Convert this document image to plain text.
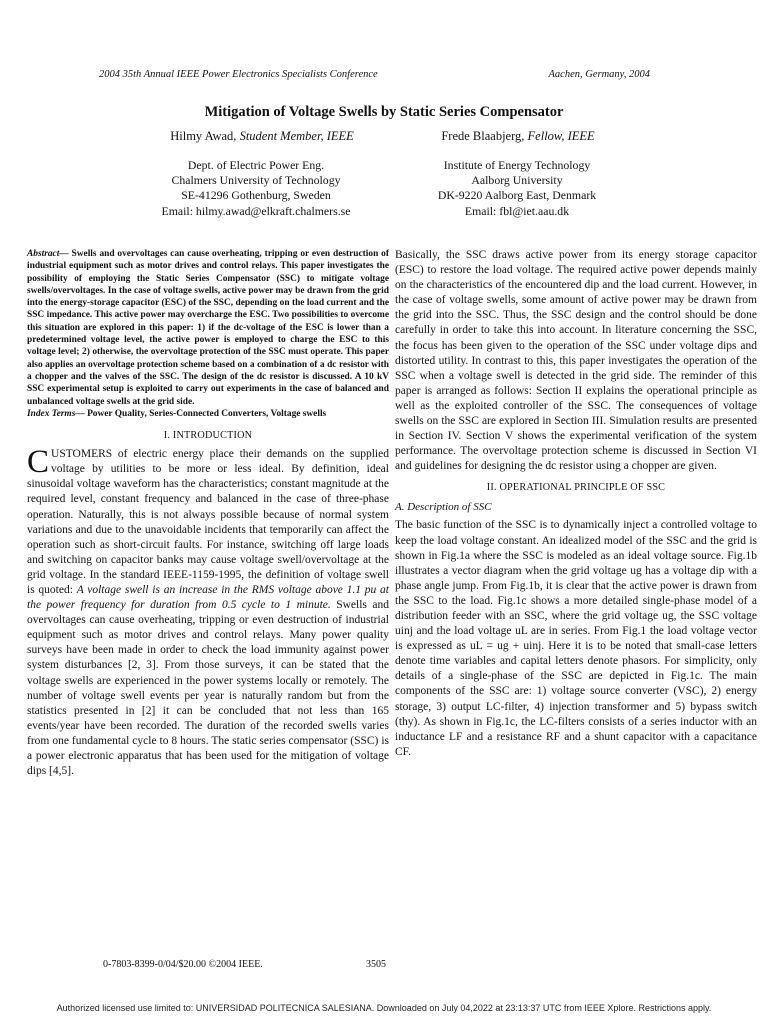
2004 35th Annual IEEE Power Electronics Specialists Conference	Aachen, Germany, 2004
Mitigation of Voltage Swells by Static Series Compensator
Hilmy Awad, Student Member, IEEE	Frede Blaabjerg, Fellow, IEEE
Dept. of Electric Power Eng.
Chalmers University of Technology
SE-41296 Gothenburg, Sweden
Email: hilmy.awad@elkraft.chalmers.se
Institute of Energy Technology
Aalborg University
DK-9220 Aalborg East, Denmark
Email: fbl@iet.aau.dk

Abstract— Swells and overvoltages can cause overheating, tripping or even destruction of industrial equipment such as motor drives and control relays. This paper investigates the possibility of employing the Static Series Compensator (SSC) to mitigate voltage swells/overvoltages. In the case of voltage swells, active power may be drawn from the grid into the energy-storage capacitor (ESC) of the SSC, depending on the load current and the SSC impedance. This active power may overcharge the ESC. Two possibilities to overcome this situation are explored in this paper: 1) if the dc-voltage of the ESC is lower than a predetermined voltage level, the active power is employed to charge the ESC to this voltage level; 2) otherwise, the overvoltage protection of the SSC must operate. This paper also applies an overvoltage protection scheme based on a combination of a dc resistor with a chopper and the valves of the SSC. The design of the dc resistor is discussed. A 10 kV SSC experimental setup is exploited to carry out experiments in the case of balanced and unbalanced voltage swells at the grid side.

Index Terms— Power Quality, Series-Connected Converters, Voltage swells

I. INTRODUCTION

CUSTOMERS of electric energy place their demands on the supplied voltage by utilities to be more or less ideal. By definition, ideal sinusoidal voltage waveform has the characteristics; constant magnitude at the required level, constant frequency and balanced in the case of three-phase operation. Naturally, this is not always possible because of normal system variations and due to the unavoidable incidents that temporarily can affect the operation such as short-circuit faults. For instance, switching off large loads and switching on capacitor banks may cause voltage swell/overvoltage at the grid voltage. In the standard IEEE-1159-1995, the definition of voltage swell is quoted: A voltage swell is an increase in the RMS voltage above 1.1 pu at the power frequency for duration from 0.5 cycle to 1 minute. Swells and overvoltages can cause overheating, tripping or even destruction of industrial equipment such as motor drives and control relays. Many power quality surveys have been made in order to check the load immunity against power system disturbances [2, 3]. From those surveys, it can be stated that the voltage swells are experienced in the power systems locally or remotely. The number of voltage swell events per year is naturally random but from the statistics presented in [2] it can be concluded that not less than 165 events/year have been recorded. The duration of the recorded swells varies from one fundamental cycle to 8 hours. The static series compensator (SSC) is a power electronic apparatus that has been used for the mitigation of voltage dips [4,5].

Basically, the SSC draws active power from its energy storage capacitor (ESC) to restore the load voltage. The required active power depends mainly on the characteristics of the encountered dip and the load current. However, in the case of voltage swells, some amount of active power may be drawn from the grid into the SSC. Thus, the SSC design and the control should be done carefully in order to take this into account. In literature concerning the SSC, the focus has been given to the operation of the SSC under voltage dips and distorted utility. In contrast to this, this paper investigates the operation of the SSC when a voltage swell is detected in the grid side. The reminder of this paper is arranged as follows: Section II explains the operational principle as well as the exploited controller of the SSC. The consequences of voltage swells on the SSC are explored in Section III. Simulation results are presented in Section IV. Section V shows the experimental verification of the system performance. The overvoltage protection scheme is discussed in Section VI and guidelines for designing the dc resistor using a chopper are given.

II. OPERATIONAL PRINCIPLE OF SSC
A. Description of SSC

The basic function of the SSC is to dynamically inject a controlled voltage to keep the load voltage constant. An idealized model of the SSC and the grid is shown in Fig.1a where the SSC is modeled as an ideal voltage source. Fig.1b illustrates a vector diagram when the grid voltage ug has a voltage dip with a phase angle jump. From Fig.1b, it is clear that the active power is drawn from the SSC to the load. Fig.1c shows a more detailed single-phase model of a distribution feeder with an SSC, where the grid voltage ug, the SSC voltage uinj and the load voltage uL are in series. From Fig.1 the load voltage vector is expressed as uL = ug + uinj. Here it is to be noted that small-case letters denote time variables and capital letters denote phasors. For simplicity, only details of a single-phase of the SSC are depicted in Fig.1c. The main components of the SSC are: 1) voltage source converter (VSC), 2) energy storage, 3) output LC-filter, 4) injection transformer and 5) bypass switch (thy). As shown in Fig.1c, the LC-filters consists of a series inductor with an inductance LF and a resistance RF and a shunt capacitor with a capacitance CF.

0-7803-8399-0/04/$20.00 ©2004 IEEE.	3505
Authorized licensed use limited to: UNIVERSIDAD POLITECNICA SALESIANA. Downloaded on July 04,2022 at 23:13:37 UTC from IEEE Xplore. Restrictions apply.
